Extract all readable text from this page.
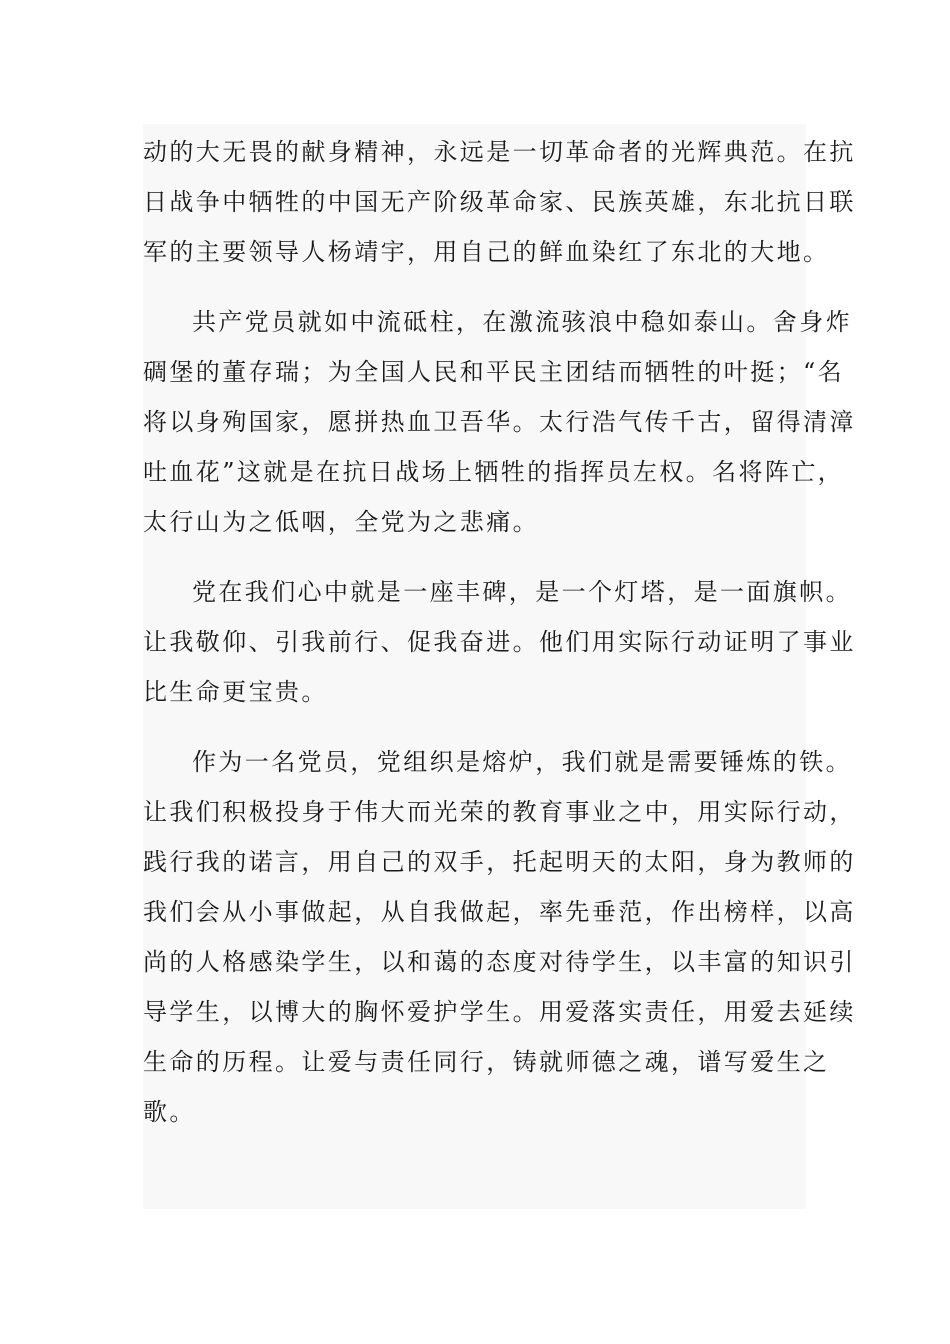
动的大无畏的献身精神，永远是一切革命者的光辉典范。在抗
日战争中牺牲的中国无产阶级革命家、民族英雄，东北抗日联
军的主要领导人杨靖宇，用自己的鲜血染红了东北的大地。

共产党员就如中流砥柱，在激流骇浪中稳如泰山。舍身炸
碉堡的董存瑞；为全国人民和平民主团结而牺牲的叶挺；“名
将以身殉国家，愿拼热血卫吾华。太行浩气传千古，留得清漳
吐血花”这就是在抗日战场上牺牲的指挥员左权。名将阵亡，
太行山为之低咽，全党为之悲痛。

党在我们心中就是一座丰碑，是一个灯塔，是一面旗帜。
让我敬仰、引我前行、促我奋进。他们用实际行动证明了事业
比生命更宝贵。

作为一名党员，党组织是熔炉，我们就是需要锤炼的铁。
让我们积极投身于伟大而光荣的教育事业之中，用实际行动，
践行我的诺言，用自己的双手，托起明天的太阳，身为教师的
我们会从小事做起，从自我做起，率先垂范，作出榜样，以高
尚的人格感染学生，以和蔼的态度对待学生，以丰富的知识引
导学生，以博大的胸怀爱护学生。用爱落实责任，用爱去延续
生命的历程。让爱与责任同行，铸就师德之魂，谱写爱生之
歌。
